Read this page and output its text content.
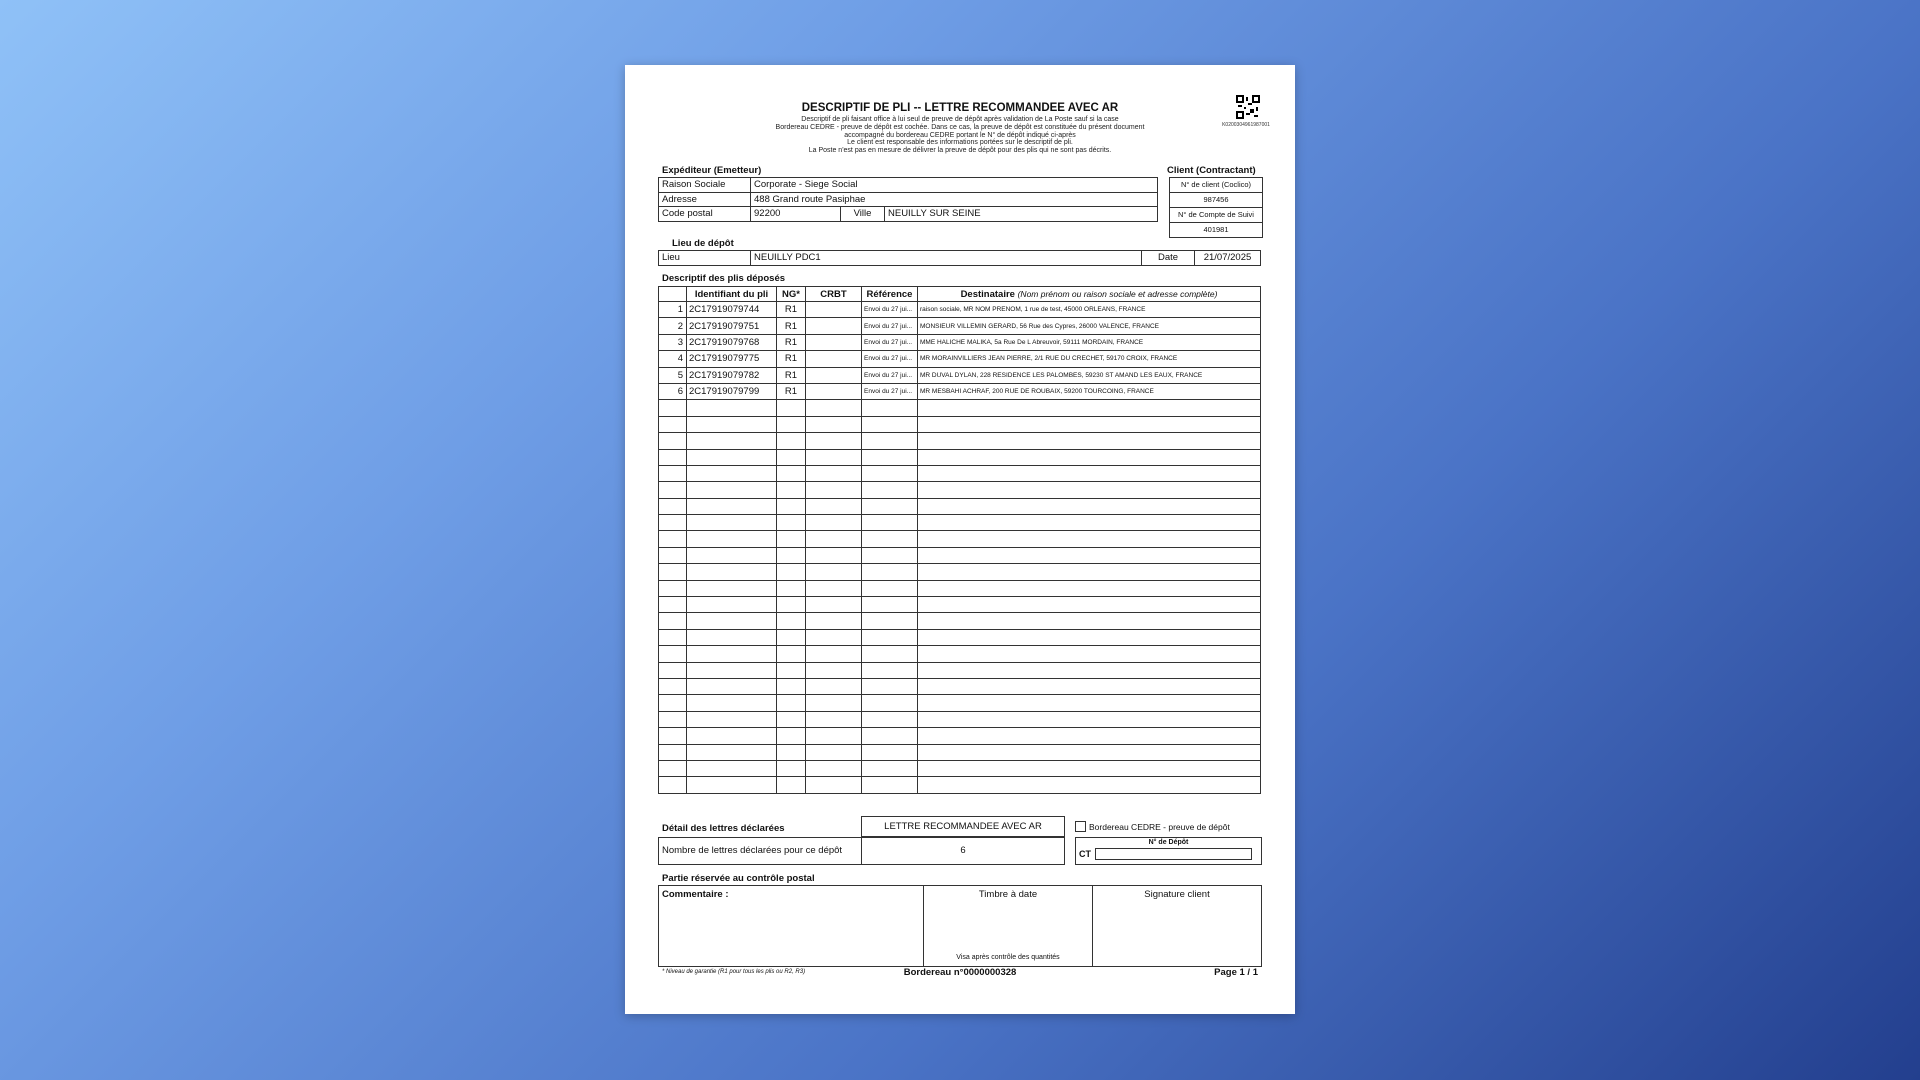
DESCRIPTIF DE PLI -- LETTRE RECOMMANDEE AVEC AR
Descriptif de pli faisant office à lui seul de preuve de dépôt après validation de La Poste sauf si la case
Bordereau CEDRE - preuve de dépôt est cochée. Dans ce cas, la preuve de dépôt est constituée du présent document
accompagné du bordereau CEDRE portant le N° de dépôt indiqué ci-après
Le client est responsable des informations portées sur le descriptif de pli.
La Poste n'est pas en mesure de délivrer la preuve de dépôt pour des plis qui ne sont pas décrits.
K0200304961987001
Expéditeur (Emetteur)
Raison Sociale	Corporate - Siege Social		
Adresse	488 Grand route Pasiphae		
Code postal	92200	Ville	NEUILLY SUR SEINE
Client (Contractant)
N° de client (Coclico)
987456
N° de Compte de Suivi
401981
Lieu de dépôt
Lieu	NEUILLY PDC1	Date	21/07/2025
Descriptif des plis déposés
	Identifiant du pli	NG*	CRBT	Référence	Destinataire (Nom prénom ou raison sociale et adresse complète)
1	2C17919079744	R1		Envoi du 27 jui...	raison sociale, MR NOM PRENOM, 1 rue de test, 45000 ORLEANS, FRANCE
2	2C17919079751	R1		Envoi du 27 jui...	MONSIEUR VILLEMIN GERARD, 56 Rue des Cypres, 26000 VALENCE, FRANCE
3	2C17919079768	R1		Envoi du 27 jui...	MME HALICHE MALIKA, 5a Rue De L Abreuvoir, 59111 MORDAIN, FRANCE
4	2C17919079775	R1		Envoi du 27 jui...	MR MORAINVILLIERS JEAN PIERRE, 2/1 RUE DU CRECHET, 59170 CROIX, FRANCE
5	2C17919079782	R1		Envoi du 27 jui...	MR DUVAL DYLAN, 228 RESIDENCE LES PALOMBES, 59230 ST AMAND LES EAUX, FRANCE
6	2C17919079799	R1		Envoi du 27 jui...	MR MESBAHI ACHRAF, 200 RUE DE ROUBAIX, 59200 TOURCOING, FRANCE

Détail des lettres déclarées	LETTRE RECOMMANDEE AVEC AR
Nombre de lettres déclarées pour ce dépôt	6
Bordereau CEDRE - preuve de dépôt
N° de Dépôt
CT
Partie réservée au contrôle postal
Commentaire :	Timbre à date
Visa après contrôle des quantités
Signature client
* Niveau de garantie (R1 pour tous les plis ou R2, R3)	Bordereau n°0000000328	Page 1 / 1
